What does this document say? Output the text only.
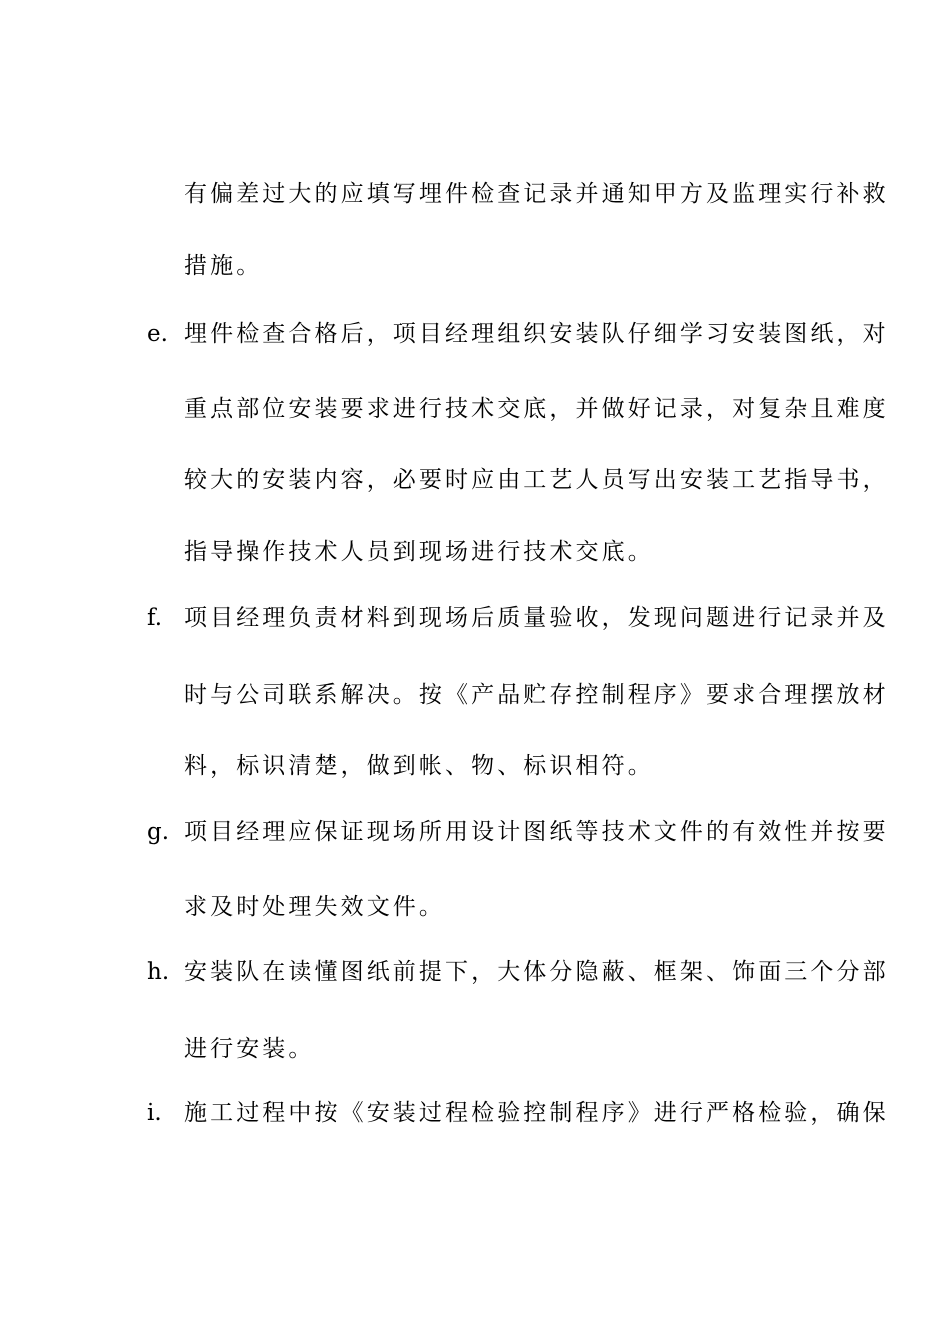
有偏差过大的应填写埋件检查记录并通知甲方及监理实行补救
措施。
e. 埋件检查合格后，项目经理组织安装队仔细学习安装图纸，对
重点部位安装要求进行技术交底，并做好记录，对复杂且难度
较大的安装内容，必要时应由工艺人员写出安装工艺指导书，
指导操作技术人员到现场进行技术交底。
f. 项目经理负责材料到现场后质量验收，发现问题进行记录并及
时与公司联系解决。按《产品贮存控制程序》要求合理摆放材
料，标识清楚，做到帐、物、标识相符。
g. 项目经理应保证现场所用设计图纸等技术文件的有效性并按要
求及时处理失效文件。
h. 安装队在读懂图纸前提下，大体分隐蔽、框架、饰面三个分部
进行安装。
i. 施工过程中按《安装过程检验控制程序》进行严格检验，确保
